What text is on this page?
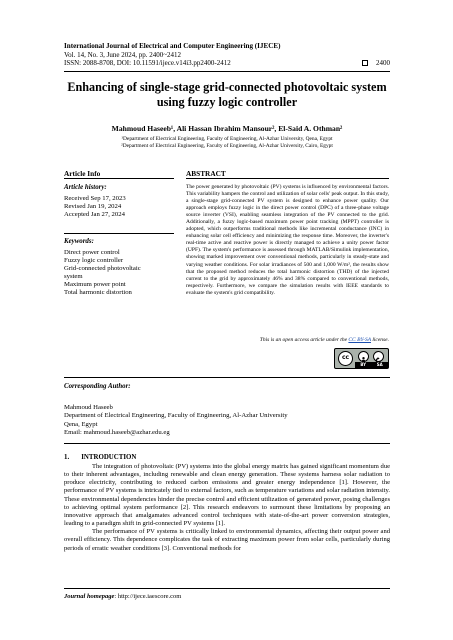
International Journal of Electrical and Computer Engineering (IJECE)
Vol. 14, No. 3, June 2024, pp. 2400~2412
ISSN: 2088-8708, DOI: 10.11591/ijece.v14i3.pp2400-2412	2400
Enhancing of single-stage grid-connected photovoltaic system
using fuzzy logic controller
Mahmoud Haseeb¹, Ali Hassan Ibrahim Mansour², El-Said A. Othman²
¹Department of Electrical Engineering, Faculty of Engineering, Al-Azhar University, Qena, Egypt
²Department of Electrical Engineering, Faculty of Engineering, Al-Azhar University, Cairo, Egypt
Article Info	ABSTRACT
Article history:
Received Sep 17, 2023
Revised Jan 19, 2024
Accepted Jan 27, 2024
Keywords:
Direct power control
Fuzzy logic controller
Grid-connected photovoltaic
system
Maximum power point
Total harmonic distortion
The power generated by photovoltaic (PV) systems is influenced by environmental factors. This variability hampers the control and utilization of solar cells' peak output. In this study, a single-stage grid-connected PV system is designed to enhance power quality. Our approach employs fuzzy logic in the direct power control (DPC) of a three-phase voltage source inverter (VSI), enabling seamless integration of the PV connected to the grid. Additionally, a fuzzy logic-based maximum power point tracking (MPPT) controller is adopted, which outperforms traditional methods like incremental conductance (INC) in enhancing solar cell efficiency and minimizing the response time. Moreover, the inverter's real-time active and reactive power is directly managed to achieve a unity power factor (UPF). The system's performance is assessed through MATLAB/Simulink implementation, showing marked improvement over conventional methods, particularly in steady-state and varying weather conditions. For solar irradiances of 500 and 1,000 W/m², the results show that the proposed method reduces the total harmonic distortion (THD) of the injected current to the grid by approximately 46% and 38% compared to conventional methods, respectively. Furthermore, we compare the simulation results with IEEE standards to evaluate the system's grid compatibility.
This is an open access article under the CC BY-SA license.
cc
BY	SA
Corresponding Author:
Mahmoud Haseeb
Department of Electrical Engineering, Faculty of Engineering, Al-Azhar University
Qena, Egypt
Email: mahmoud.haseeb@azhar.edu.eg
1.       INTRODUCTION

The integration of photovoltaic (PV) systems into the global energy matrix has gained significant momentum due to their inherent advantages, including renewable and clean energy generation. These systems harness solar radiation to produce electricity, contributing to reduced carbon emissions and greater energy independence [1]. However, the performance of PV systems is intricately tied to external factors, such as temperature variations and solar radiation intensity. These environmental dependencies hinder the precise control and efficient utilization of generated power, posing challenges to achieving optimal system performance [2]. This research endeavors to surmount these limitations by proposing an innovative approach that amalgamates advanced control techniques with state-of-the-art power conversion strategies, leading to a paradigm shift in grid-connected PV systems [1].

The performance of PV systems is critically linked to environmental dynamics, affecting their output power and overall efficiency. This dependence complicates the task of extracting maximum power from solar cells, particularly during periods of erratic weather conditions [3]. Conventional methods for

Journal homepage: http://ijece.iaescore.com
